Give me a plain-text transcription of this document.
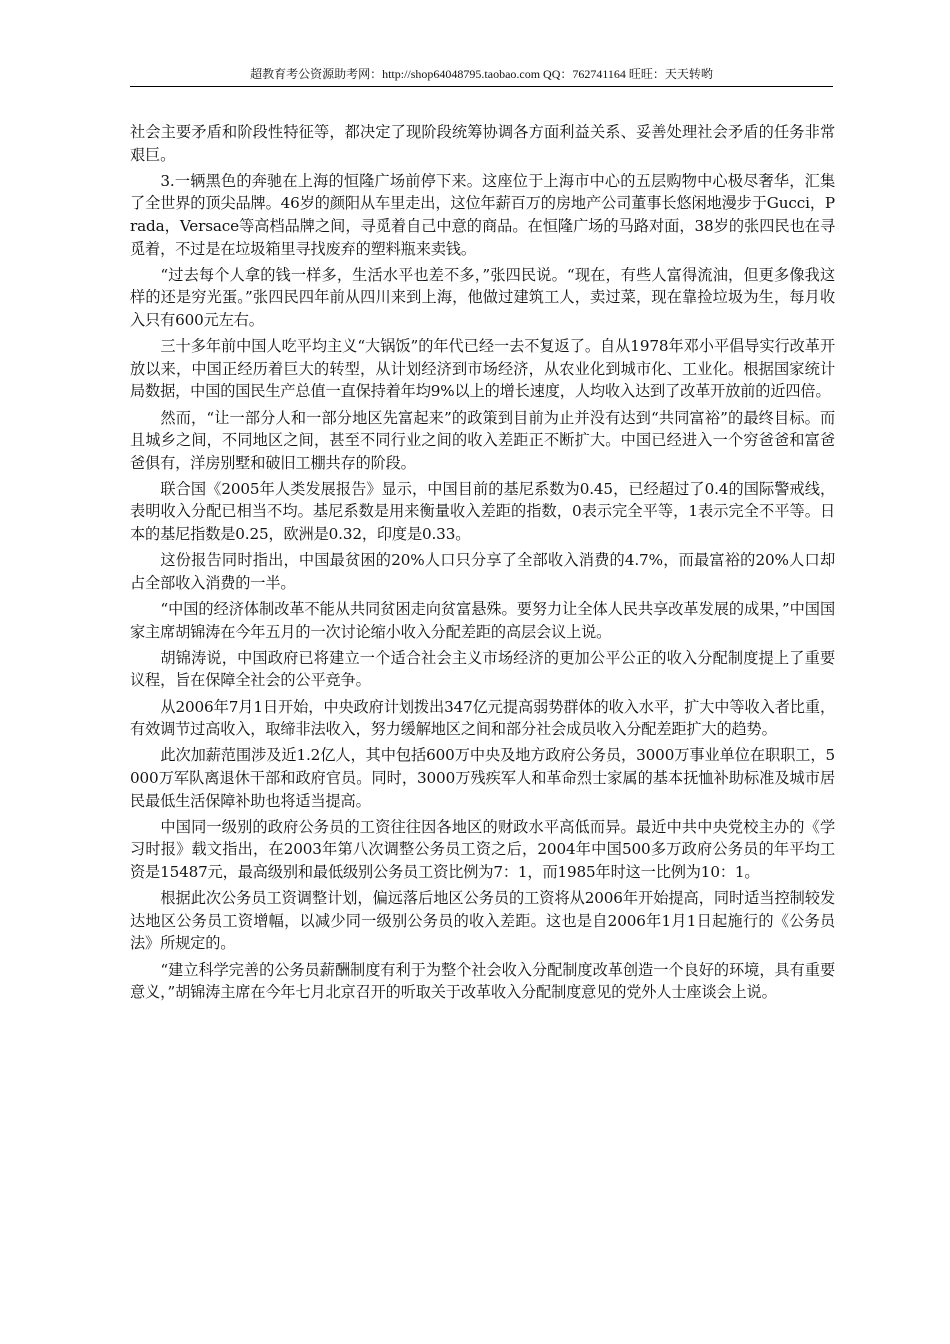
超教育考公资源助考网：http://shop64048795.taobao.com QQ：762741164 旺旺：天天转哟

社会主要矛盾和阶段性特征等，都决定了现阶段统筹协调各方面利益关系、妥善处理社会矛盾的任务非常艰巨。

3.一辆黑色的奔驰在上海的恒隆广场前停下来。这座位于上海市中心的五层购物中心极尽奢华，汇集了全世界的顶尖品牌。46岁的颜阳从车里走出，这位年薪百万的房地产公司董事长悠闲地漫步于Gucci，Prada，Versace等高档品牌之间，寻觅着自己中意的商品。在恒隆广场的马路对面，38岁的张四民也在寻觅着，不过是在垃圾箱里寻找废弃的塑料瓶来卖钱。

“过去每个人拿的钱一样多，生活水平也差不多，”张四民说。“现在，有些人富得流油，但更多像我这样的还是穷光蛋。”张四民四年前从四川来到上海，他做过建筑工人，卖过菜，现在靠捡垃圾为生，每月收入只有600元左右。

三十多年前中国人吃平均主义“大锅饭”的年代已经一去不复返了。自从1978年邓小平倡导实行改革开放以来，中国正经历着巨大的转型，从计划经济到市场经济，从农业化到城市化、工业化。根据国家统计局数据，中国的国民生产总值一直保持着年均9%以上的增长速度，人均收入达到了改革开放前的近四倍。

然而，“让一部分人和一部分地区先富起来”的政策到目前为止并没有达到“共同富裕”的最终目标。而且城乡之间，不同地区之间，甚至不同行业之间的收入差距正不断扩大。中国已经进入一个穷爸爸和富爸爸俱有，洋房别墅和破旧工棚共存的阶段。

联合国《2005年人类发展报告》显示，中国目前的基尼系数为0.45，已经超过了0.4的国际警戒线，表明收入分配已相当不均。基尼系数是用来衡量收入差距的指数，0表示完全平等，1表示完全不平等。日本的基尼指数是0.25，欧洲是0.32，印度是0.33。

这份报告同时指出，中国最贫困的20%人口只分享了全部收入消费的4.7%，而最富裕的20%人口却占全部收入消费的一半。

“中国的经济体制改革不能从共同贫困走向贫富悬殊。要努力让全体人民共享改革发展的成果，”中国国家主席胡锦涛在今年五月的一次讨论缩小收入分配差距的高层会议上说。

胡锦涛说，中国政府已将建立一个适合社会主义市场经济的更加公平公正的收入分配制度提上了重要议程，旨在保障全社会的公平竞争。

从2006年7月1日开始，中央政府计划拨出347亿元提高弱势群体的收入水平，扩大中等收入者比重，有效调节过高收入，取缔非法收入，努力缓解地区之间和部分社会成员收入分配差距扩大的趋势。

此次加薪范围涉及近1.2亿人，其中包括600万中央及地方政府公务员，3000万事业单位在职职工，5000万军队离退休干部和政府官员。同时，3000万残疾军人和革命烈士家属的基本抚恤补助标准及城市居民最低生活保障补助也将适当提高。

中国同一级别的政府公务员的工资往往因各地区的财政水平高低而异。最近中共中央党校主办的《学习时报》载文指出，在2003年第八次调整公务员工资之后，2004年中国500多万政府公务员的年平均工资是15487元，最高级别和最低级别公务员工资比例为7：1，而1985年时这一比例为10：1。

根据此次公务员工资调整计划，偏远落后地区公务员的工资将从2006年开始提高，同时适当控制较发达地区公务员工资增幅，以减少同一级别公务员的收入差距。这也是自2006年1月1日起施行的《公务员法》所规定的。

“建立科学完善的公务员薪酬制度有利于为整个社会收入分配制度改革创造一个良好的环境，具有重要意义，”胡锦涛主席在今年七月北京召开的听取关于改革收入分配制度意见的党外人士座谈会上说。
